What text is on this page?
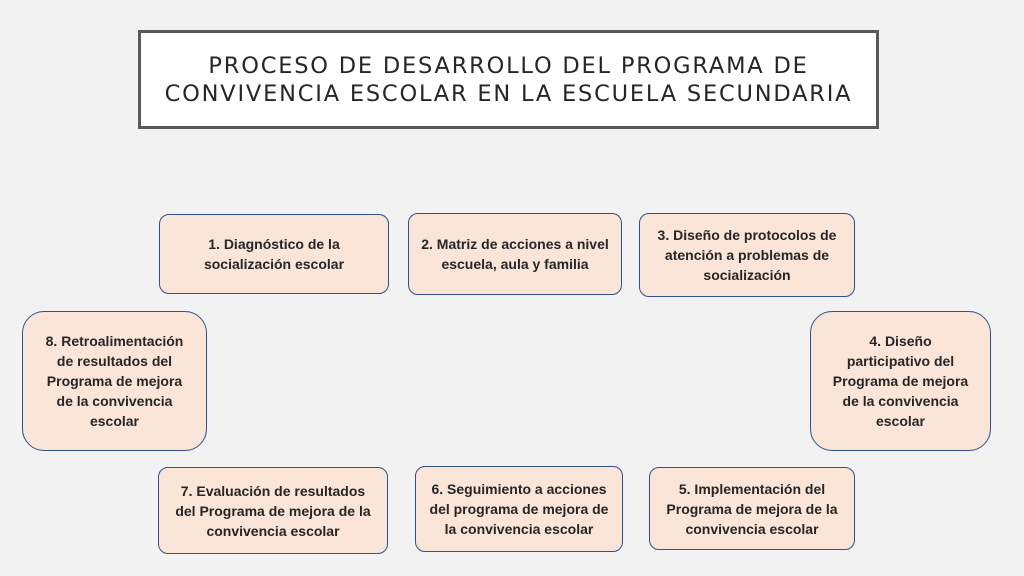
PROCESO DE DESARROLLO DEL PROGRAMA DE CONVIVENCIA ESCOLAR EN LA ESCUELA SECUNDARIA
1. Diagnóstico de la socialización escolar
2. Matriz de acciones a nivel escuela, aula y familia
3. Diseño de protocolos de atención a problemas de socialización
4. Diseño participativo del Programa de mejora de la convivencia escolar
5. Implementación del Programa de mejora de la convivencia escolar
6. Seguimiento a acciones del programa de mejora de la convivencia escolar
7. Evaluación de resultados del Programa de mejora de la convivencia escolar
8. Retroalimentación de resultados del Programa de mejora de la convivencia escolar
